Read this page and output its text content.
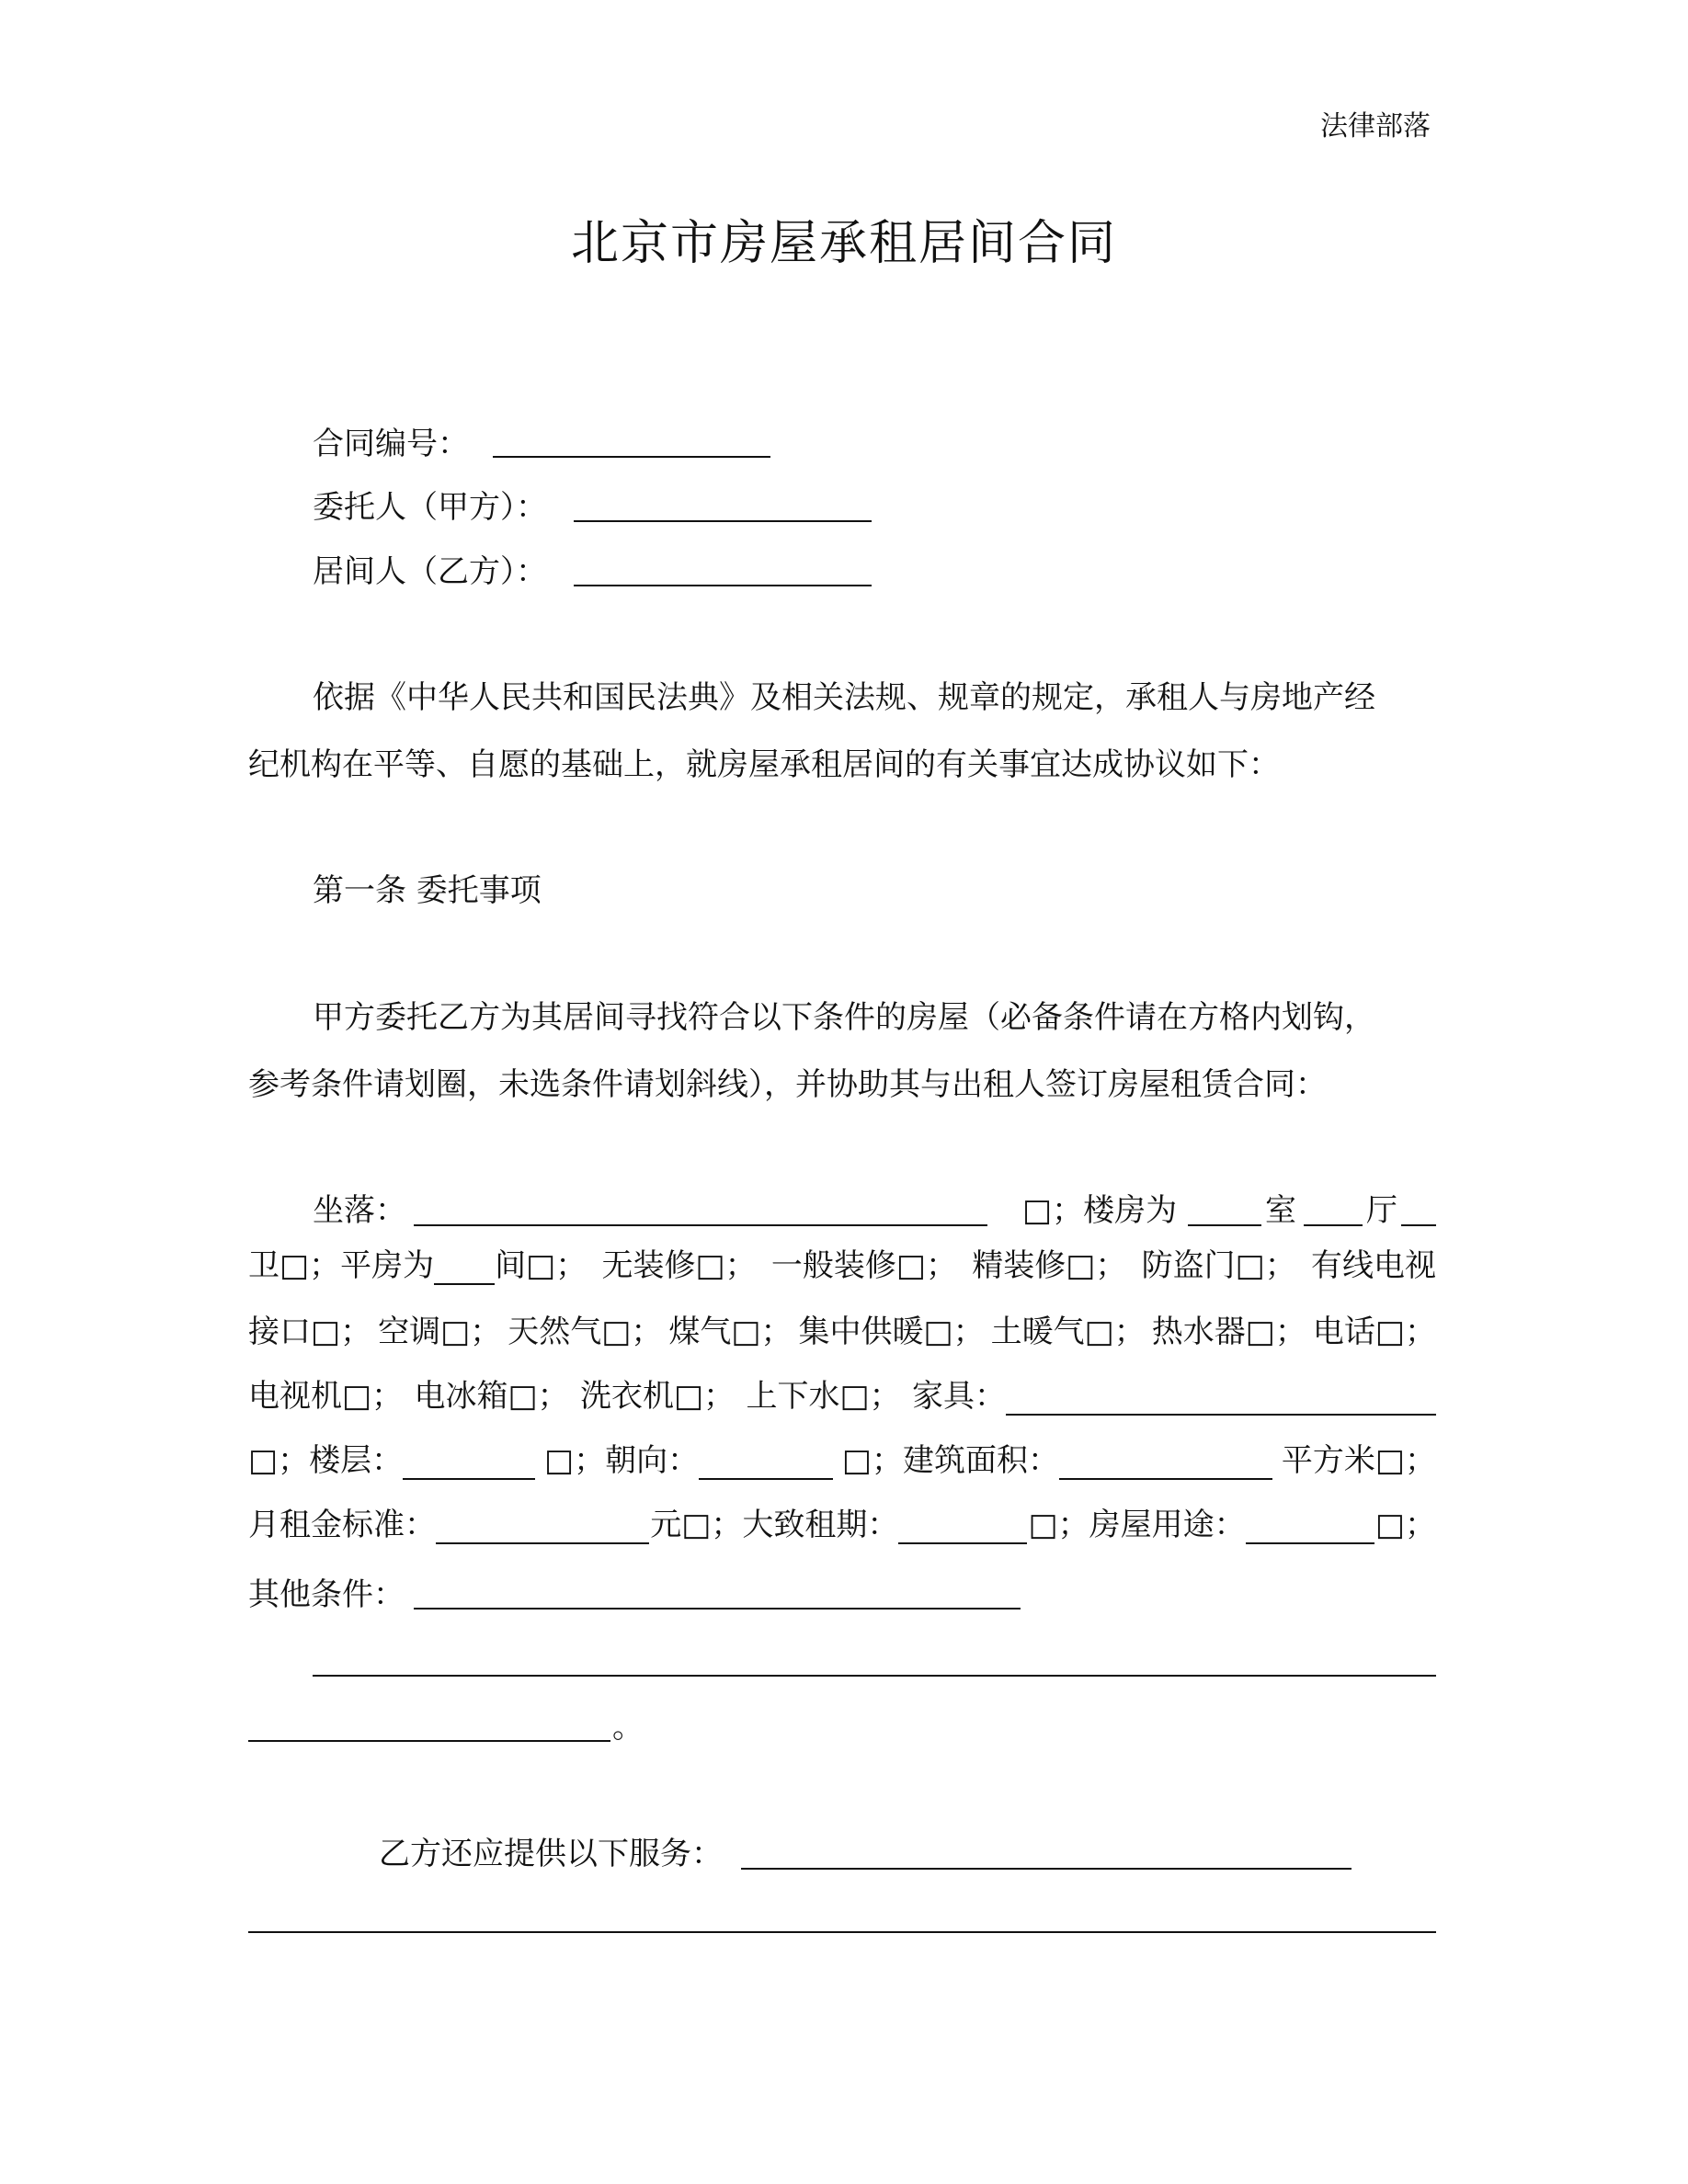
法律部落
北京市房屋承租居间合同
合同编号：
委托人（甲方）：
居间人（乙方）：
依据《中华人民共和国民法典》及相关法规、规章的规定，承租人与房地产经
纪机构在平等、自愿的基础上，就房屋承租居间的有关事宜达成协议如下：
第一条 委托事项
甲方委托乙方为其居间寻找符合以下条件的房屋（必备条件请在方格内划钩，
参考条件请划圈，未选条件请划斜线），并协助其与出租人签订房屋租赁合同：
坐落：	□；楼房为	室 厅
卫□；平房为 间□； 无装修□； 一般装修□； 精装修□； 防盗门□； 有线电视
接口□； 空调□； 天然气□； 煤气□； 集中供暖□； 土暖气□； 热水器□； 电话□；
电视机□； 电冰箱□； 洗衣机□； 上下水□； 家具：
□；楼层：	□；朝向：	□；建筑面积：	平方米□；
月租金标准：	元□；大致租期：	□；房屋用途：	□；
其他条件：
。
乙方还应提供以下服务：
